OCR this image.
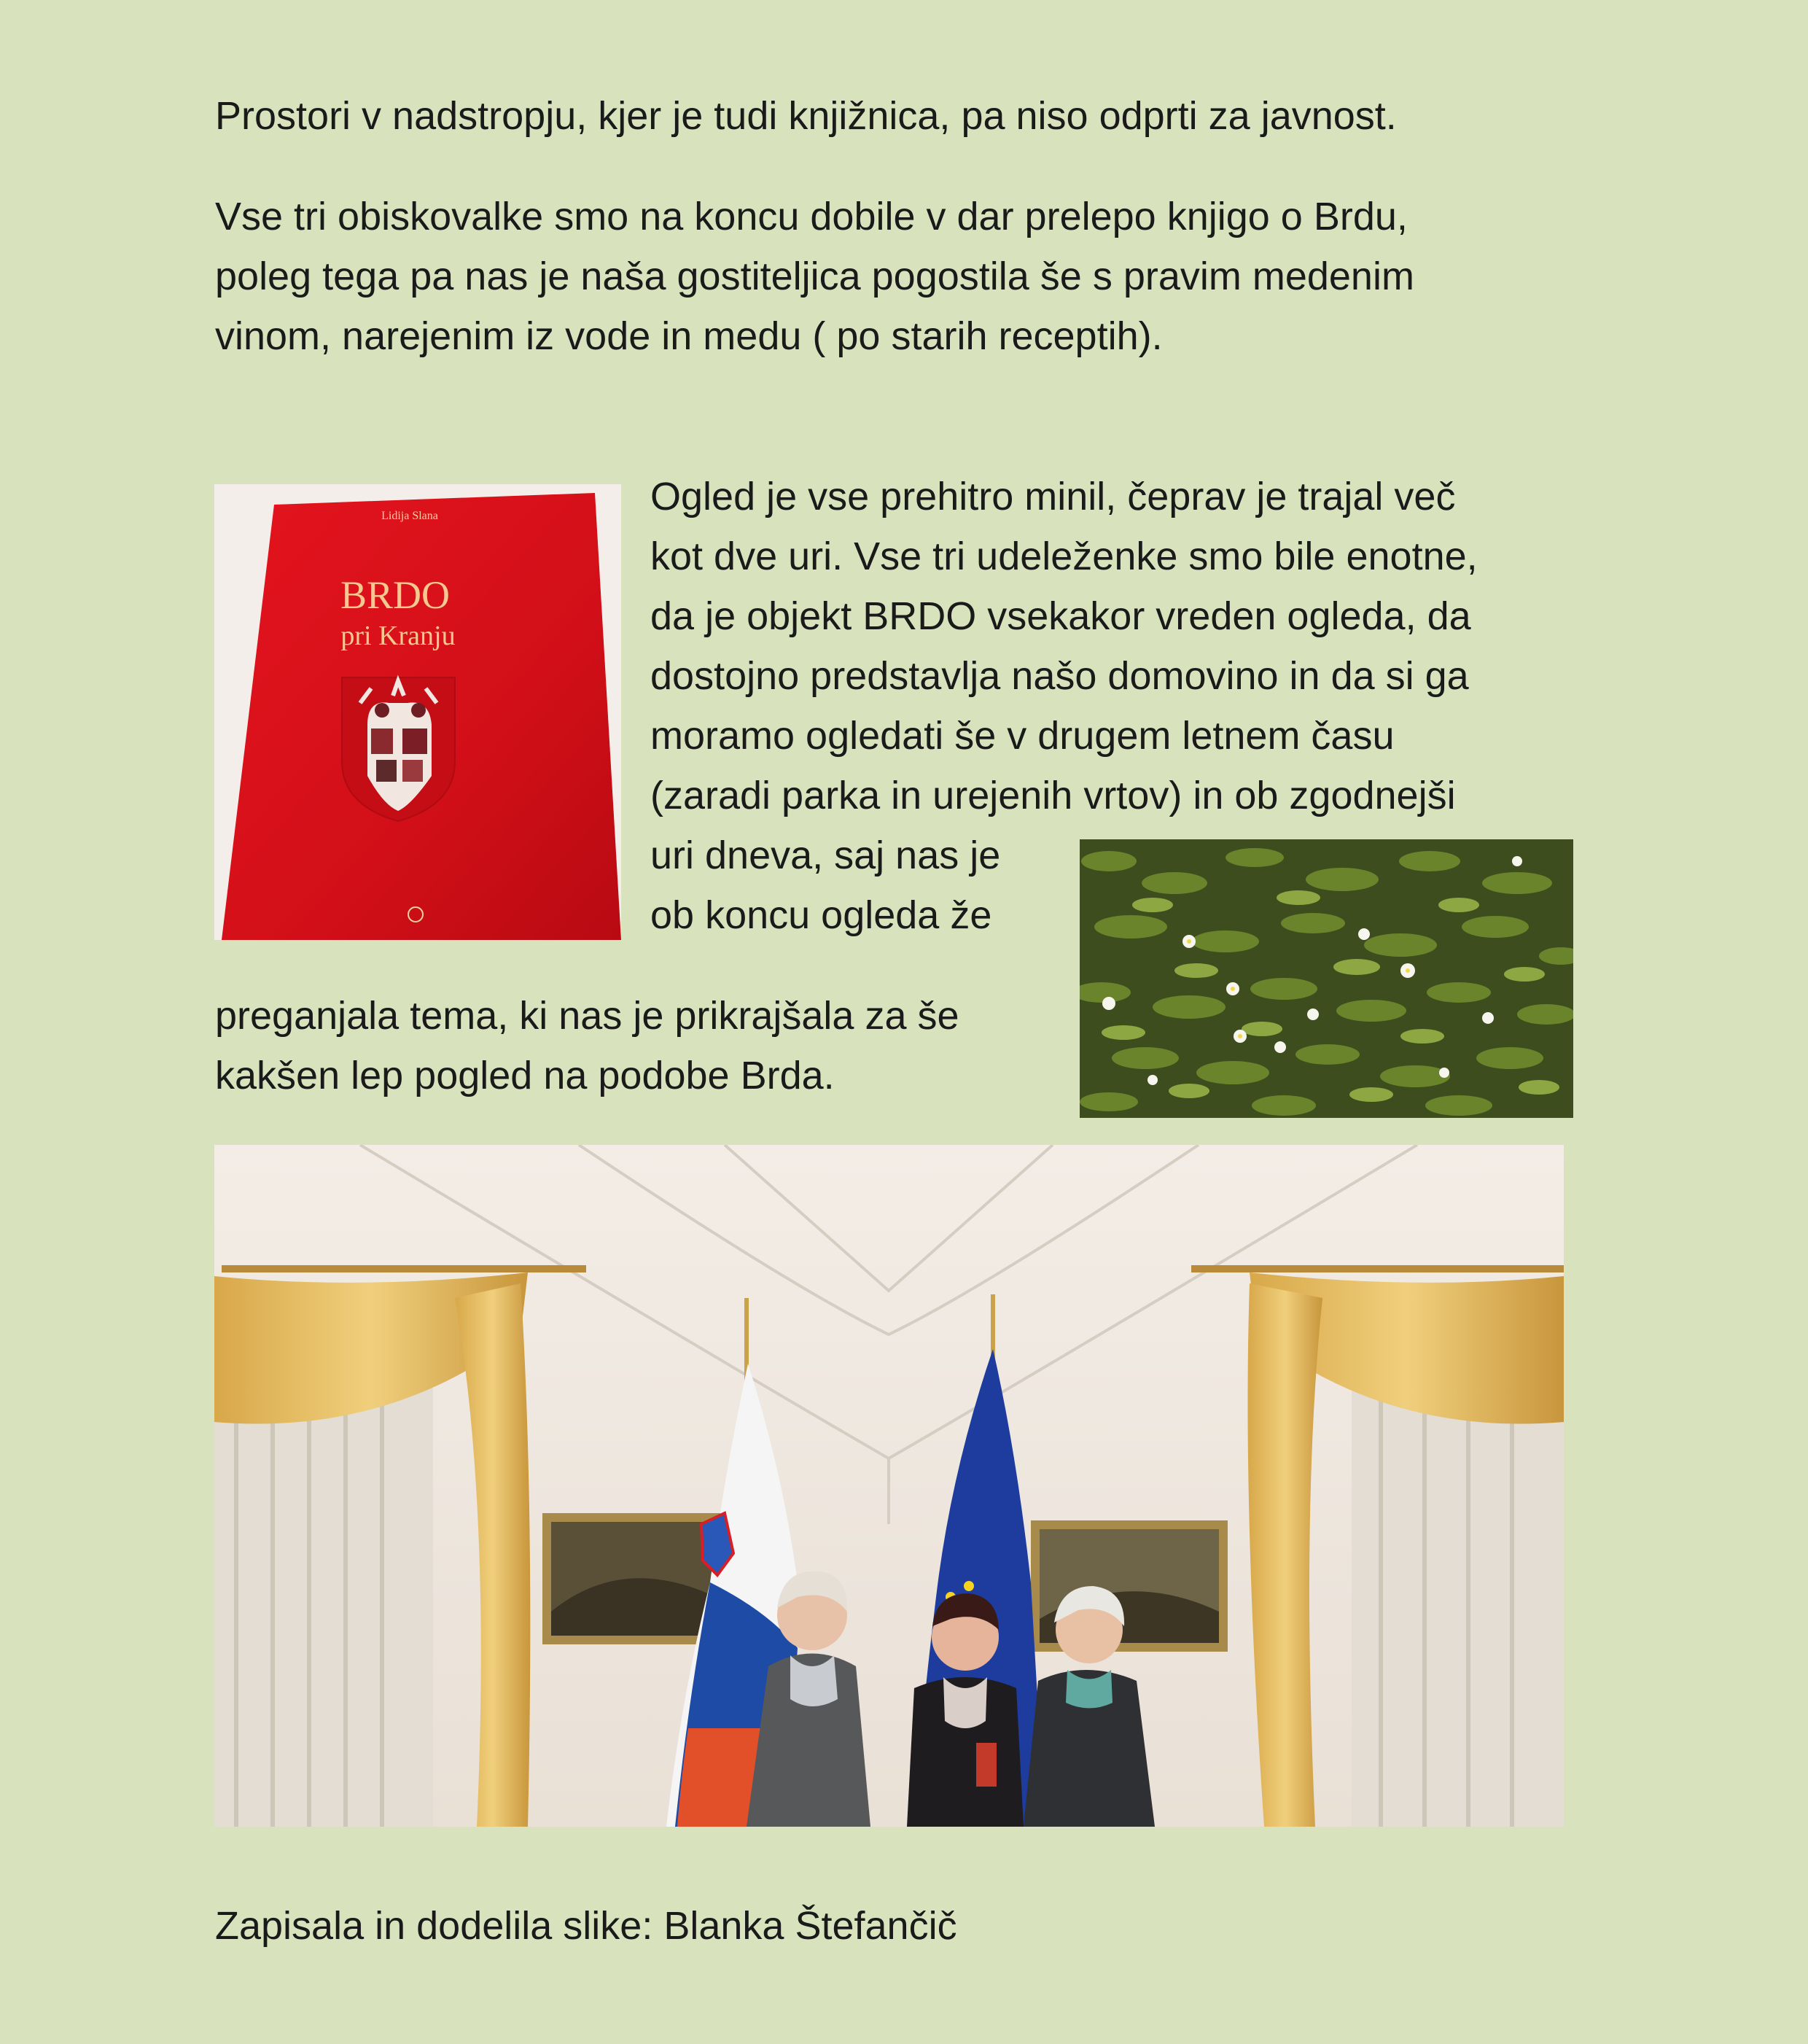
Prostori v nadstropju, kjer je tudi knjižnica, pa niso odprti za javnost.

Vse tri obiskovalke smo na koncu dobile v dar prelepo knjigo o Brdu,
poleg tega pa nas je naša gostiteljica pogostila še s pravim medenim
vinom, narejenim iz vode in medu ( po starih receptih).

Lidija Slana
BRDO
pri Kranju

Ogled je vse prehitro minil, čeprav je trajal več
kot dve uri. Vse tri udeleženke smo bile enotne,
da je objekt BRDO vsekakor vreden ogleda, da
dostojno predstavlja našo domovino in da si ga
moramo ogledati še v drugem letnem času
(zaradi parka in urejenih vrtov) in ob zgodnejši
uri dneva, saj nas je
ob koncu ogleda že

preganjala tema, ki nas je prikrajšala za še
kakšen lep pogled na podobe Brda.

Zapisala in dodelila slike: Blanka Štefančič
